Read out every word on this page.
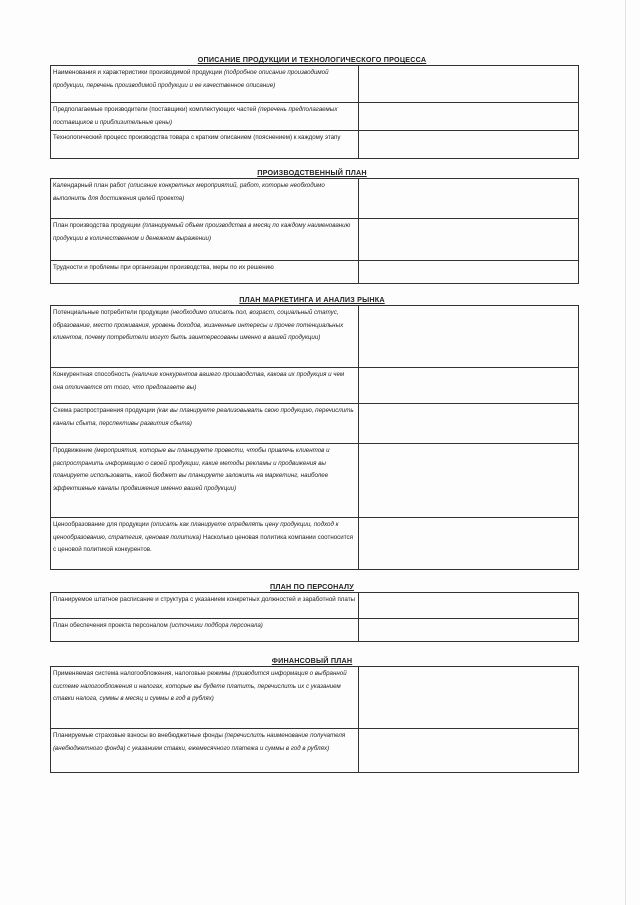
ОПИСАНИЕ ПРОДУКЦИИ И ТЕХНОЛОГИЧЕСКОГО ПРОЦЕССА
Наименования и характеристики производимой продукции (подробное описание производимой продукции, перечень производимой продукции и ее качественное описание)	
Предполагаемые производители (поставщики) комплектующих частей (перечень предполагаемых поставщиков и приблизительные цены)	
Технологический процесс производства товара с кратким описанием (пояснением) к каждому этапу	
ПРОИЗВОДСТВЕННЫЙ ПЛАН
Календарный план работ (описание конкретных мероприятий, работ, которые необходимо выполнить для достижения целей проекта)	
План производства продукции (планируемый объем производства в месяц по каждому наименованию продукции в количественном и денежном выражении)	
Трудности и проблемы при организации производства, меры по их решению	
ПЛАН МАРКЕТИНГА И АНАЛИЗ РЫНКА
Потенциальные потребители продукции (необходимо описать пол, возраст, социальный статус, образование, место проживания, уровень доходов, жизненные интересы и прочее потенциальных клиентов, почему потребители могут быть заинтересованы именно в вашей продукции)	
Конкурентная способность (наличие конкурентов вашего производства, какова их продукция и чем она отличается от того, что предлагаете вы)	
Схема распространения продукции (как вы планируете реализовывать свою продукцию, перечислить каналы сбыта, перспективы развития сбыта)	
Продвижение (мероприятия, которые вы планируете провести, чтобы привлечь клиентов и распространить информацию о своей продукции, какие методы рекламы и продвижения вы планируете использовать, какой бюджет вы планируете заложить на маркетинг, наиболее эффективные каналы продвижения именно вашей продукции)	
Ценообразование для продукции (описать как планируете определять цену продукции, подход к ценообразованию, стратегия, ценовая политика) Насколько ценовая политика компании соотносится с ценовой политикой конкурентов.	
ПЛАН ПО ПЕРСОНАЛУ
Планируемое штатное расписание и структура с указанием конкретных должностей и заработной платы	
План обеспечения проекта персоналом (источники подбора персонала)	
ФИНАНСОВЫЙ ПЛАН
Применяемая система налогообложения, налоговые режимы (приводится информация о выбранной системе налогообложения и налогах, которые вы будете платить, перечислить их с указанием ставки налога, суммы в месяц и суммы в год в рублях)	
Планируемые страховые взносы во внебюджетные фонды (перечислить наименование получателя (внебюджетного фонда) с указанием ставки, ежемесячного платежа и суммы в год в рублях)	
